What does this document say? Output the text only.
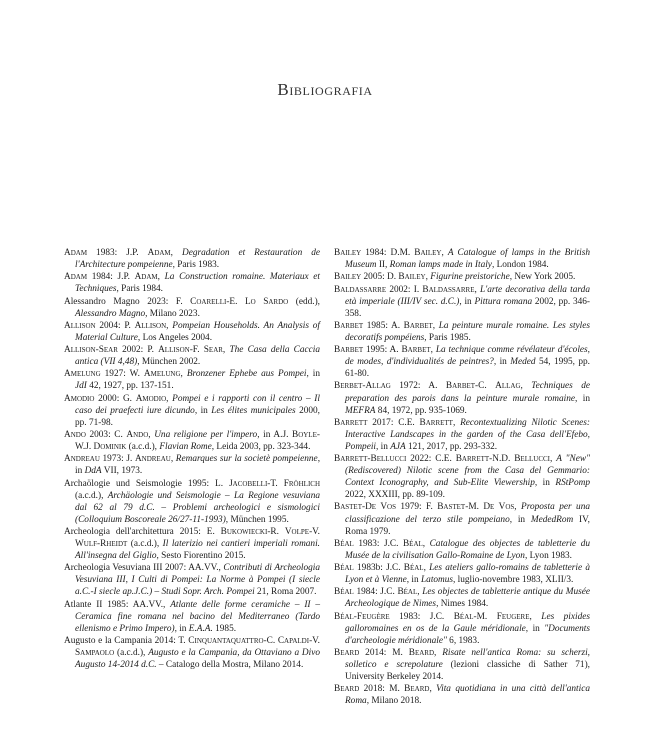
Bibliografia

Adam 1983: J.P. Adam, Degradation et Restauration de l'Architecture pompeienne, Paris 1983.

Adam 1984: J.P. Adam, La Construction romaine. Materiaux et Techniques, Paris 1984.

Alessandro Magno 2023: F. Coarelli-E. Lo Sardo (edd.), Alessandro Magno, Milano 2023.

Allison 2004: P. Allison, Pompeian Households. An Analysis of Material Culture, Los Angeles 2004.

Allison-Sear 2002: P. Allison-F. Sear, The Casa della Caccia antica (VII 4,48), München 2002.

Amelung 1927: W. Amelung, Bronzener Ephebe aus Pompei, in JdI 42, 1927, pp. 137-151.

Amodio 2000: G. Amodio, Pompei e i rapporti con il centro – Il caso dei praefecti iure dicundo, in Les élites municipales 2000, pp. 71-98.

Ando 2003: C. Ando, Una religione per l'impero, in A.J. Boyle-W.J. Dominik (a.c.d.), Flavian Rome, Leida 2003, pp. 323-344.

Andreau 1973: J. Andreau, Remarques sur la societè pompeienne, in DdA VII, 1973.

Archaölogie und Seismologie 1995: L. Jacobelli-T. Fröhlich (a.c.d.), Archäologie und Seismologie – La Regione vesuviana dal 62 al 79 d.C. – Problemi archeologici e sismologici (Colloquium Boscoreale 26/27-11-1993), München 1995.

Archeologia dell'architettura 2015: E. Bukowiecki-R. Volpe-V. Wulf-Rheidt (a.c.d.), Il laterizio nei cantieri imperiali romani. All'insegna del Giglio, Sesto Fiorentino 2015.

Archeologia Vesuviana III 2007: AA.VV., Contributi di Archeologia Vesuviana III, I Culti di Pompei: La Norme à Pompei (I siecle a.C.-I siecle ap.J.C.) – Studi Sopr. Arch. Pompei 21, Roma 2007.

Atlante II 1985: AA.VV., Atlante delle forme ceramiche – II – Ceramica fine romana nel bacino del Mediterraneo (Tardo ellenismo e Primo Impero), in E.A.A. 1985.

Augusto e la Campania 2014: T. Cinquantaquattro-C. Capaldi-V. Sampaolo (a.c.d.), Augusto e la Campania, da Ottaviano a Divo Augusto 14-2014 d.C. – Catalogo della Mostra, Milano 2014.

Bailey 1984: D.M. Bailey, A Catalogue of lamps in the British Museum II, Roman lamps made in Italy, London 1984.

Bailey 2005: D. Bailey, Figurine preistoriche, New York 2005.

Baldassarre 2002: I. Baldassarre, L'arte decorativa della tarda età imperiale (III/IV sec. d.C.), in Pittura romana 2002, pp. 346-358.

Barbet 1985: A. Barbet, La peinture murale romaine. Les styles decoratifs pompéiens, Paris 1985.

Barbet 1995: A. Barbet, La technique comme révélateur d'écoles, de modes, d'individualités de peintres?, in Meded 54, 1995, pp. 61-80.

Berbet-Allag 1972: A. Barbet-C. Allag, Techniques de preparation des parois dans la peinture murale romaine, in MEFRA 84, 1972, pp. 935-1069.

Barrett 2017: C.E. Barrett, Recontextualizing Nilotic Scenes: Interactive Landscapes in the garden of the Casa dell'Efebo, Pompeii, in AJA 121, 2017, pp. 293-332.

Barrett-Bellucci 2022: C.E. Barrett-N.D. Bellucci, A "New" (Rediscovered) Nilotic scene from the Casa del Gemmario: Context Iconography, and Sub-Elite Viewership, in RStPomp 2022, XXXIII, pp. 89-109.

Bastet-De Vos 1979: F. Bastet-M. De Vos, Proposta per una classificazione del terzo stile pompeiano, in MededRom IV, Roma 1979.

Béal 1983: J.C. Béal, Catalogue des objectes de tabletterie du Musée de la civilisation Gallo-Romaine de Lyon, Lyon 1983.

Béal 1983b: J.C. Béal, Les ateliers gallo-romains de tabletterie à Lyon et à Vienne, in Latomus, luglio-novembre 1983, XLII/3.

Béal 1984: J.C. Béal, Les objectes de tabletterie antique du Musée Archeologique de Nimes, Nimes 1984.

Béal-Feugère 1983: J.C. Béal-M. Feugere, Les pixides galloromaines en os de la Gaule méridionale, in "Documents d'archeologie méridionale" 6, 1983.

Beard 2014: M. Beard, Risate nell'antica Roma: su scherzi, solletico e screpolature (lezioni classiche di Sather 71), University Berkeley 2014.

Beard 2018: M. Beard, Vita quotidiana in una città dell'antica Roma, Milano 2018.
